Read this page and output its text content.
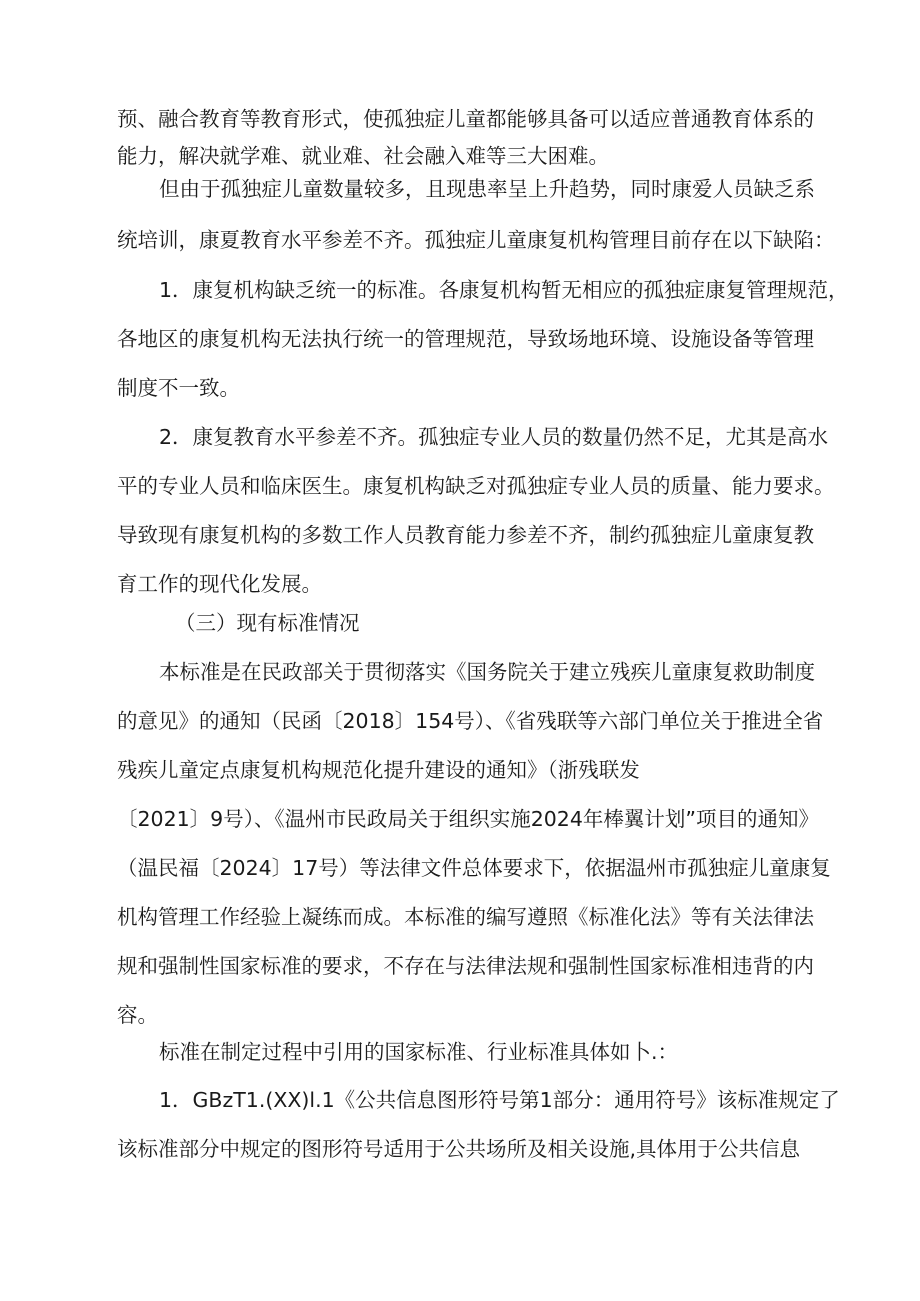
预、融合教育等教育形式，使孤独症儿童都能够具备可以适应普通教育体系的
能力，解决就学难、就业难、社会融入难等三大困难。

但由于孤独症儿童数量较多，且现患率呈上升趋势，同时康爱人员缺乏系
统培训，康夏教育水平参差不齐。孤独症儿童康复机构管理目前存在以下缺陷：

1．康复机构缺乏统一的标准。各康复机构暂无相应的孤独症康复管理规范，
各地区的康复机构无法执行统一的管理规范，导致场地环境、设施设备等管理
制度不一致。

2．康复教育水平参差不齐。孤独症专业人员的数量仍然不足，尤其是高水
平的专业人员和临床医生。康复机构缺乏对孤独症专业人员的质量、能力要求。
导致现有康复机构的多数工作人员教育能力参差不齐，制约孤独症儿童康复教
育工作的现代化发展。

（三）现有标准情况

本标准是在民政部关于贯彻落实《国务院关于建立残疾儿童康复救助制度
的意见》的通知（民函〔2018〕154号）、《省残联等六部门单位关于推进全省
残疾儿童定点康复机构规范化提升建设的通知》（浙残联发
〔2021〕9号）、《温州市民政局关于组织实施2024年棒翼计划”项目的通知》
（温民福〔2024〕17号）等法律文件总体要求下，依据温州市孤独症儿童康复
机构管理工作经验上凝练而成。本标准的编写遵照《标准化法》等有关法律法
规和强制性国家标准的要求，不存在与法律法规和强制性国家标准相违背的内
容。

标准在制定过程中引用的国家标准、行业标准具体如卜.：

1．GBzT1.(XX)l.1《公共信息图形符号第1部分：通用符号》该标准规定了
该标准部分中规定的图形符号适用于公共场所及相关设施,具体用于公共信息
